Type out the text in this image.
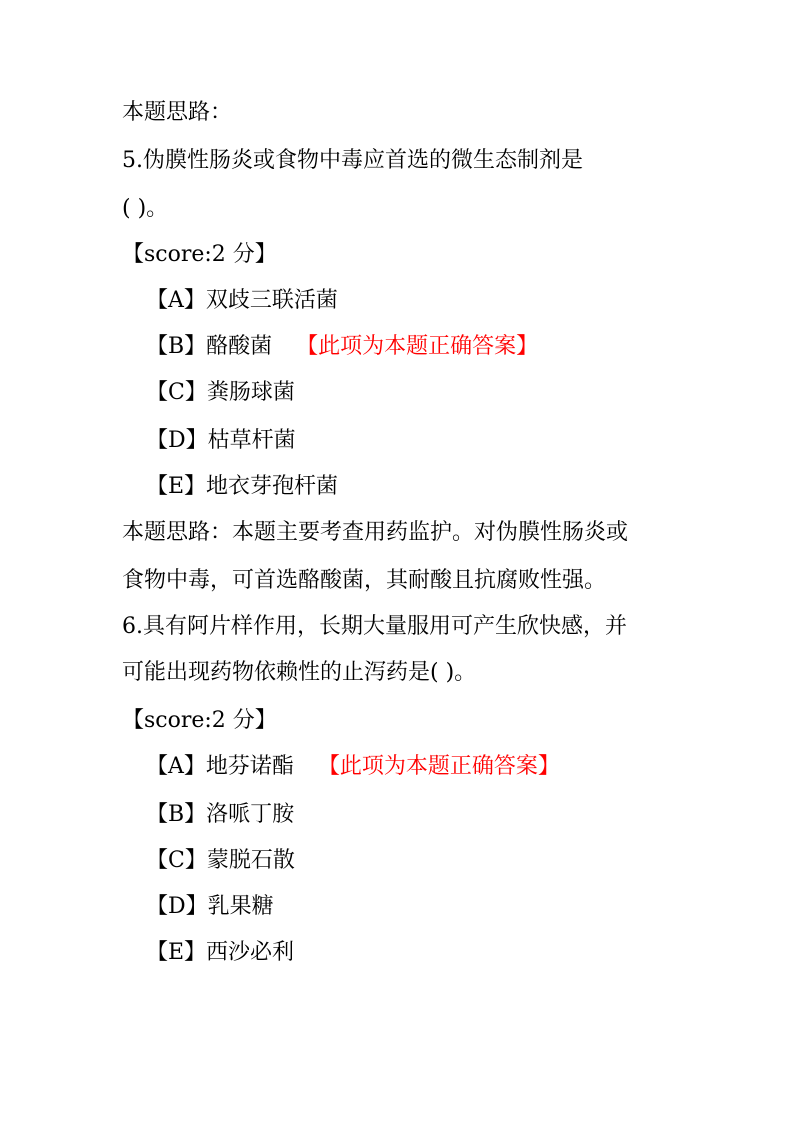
本题思路：

5.伪膜性肠炎或食物中毒应首选的微生态制剂是

( )。

【score:2 分】

【A】双歧三联活菌

【B】酪酸菌 【此项为本题正确答案】

【C】粪肠球菌

【D】枯草杆菌

【E】地衣芽孢杆菌

本题思路：本题主要考查用药监护。对伪膜性肠炎或

食物中毒，可首选酪酸菌，其耐酸且抗腐败性强。

6.具有阿片样作用，长期大量服用可产生欣快感，并

可能出现药物依赖性的止泻药是( )。

【score:2 分】

【A】地芬诺酯 【此项为本题正确答案】

【B】洛哌丁胺

【C】蒙脱石散

【D】乳果糖

【E】西沙必利
